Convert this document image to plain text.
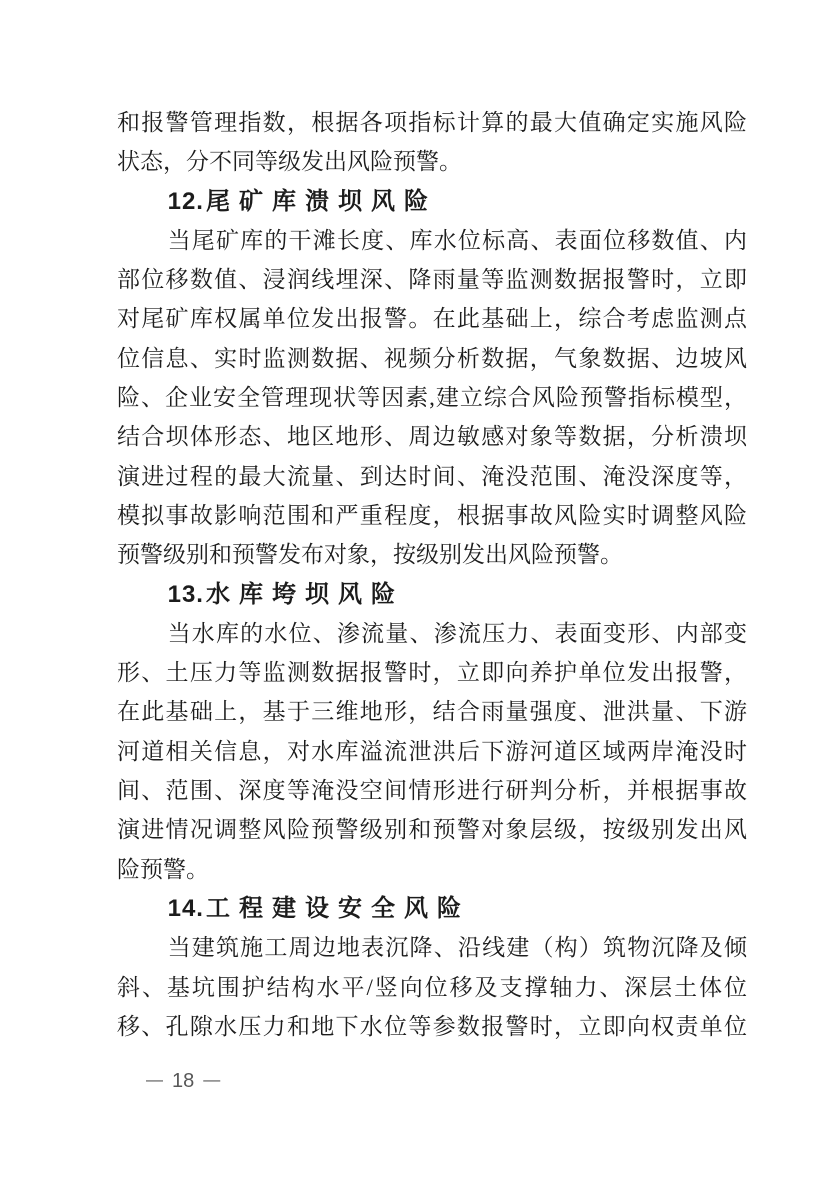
和报警管理指数，根据各项指标计算的最大值确定实施风险
状态，分不同等级发出风险预警。
12.尾矿库溃坝风险
当尾矿库的干滩长度、库水位标高、表面位移数值、内
部位移数值、浸润线埋深、降雨量等监测数据报警时，立即
对尾矿库权属单位发出报警。在此基础上，综合考虑监测点
位信息、实时监测数据、视频分析数据，气象数据、边坡风
险、企业安全管理现状等因素,建立综合风险预警指标模型，
结合坝体形态、地区地形、周边敏感对象等数据，分析溃坝
演进过程的最大流量、到达时间、淹没范围、淹没深度等，
模拟事故影响范围和严重程度，根据事故风险实时调整风险
预警级别和预警发布对象，按级别发出风险预警。
13.水库垮坝风险
当水库的水位、渗流量、渗流压力、表面变形、内部变
形、土压力等监测数据报警时，立即向养护单位发出报警，
在此基础上，基于三维地形，结合雨量强度、泄洪量、下游
河道相关信息，对水库溢流泄洪后下游河道区域两岸淹没时
间、范围、深度等淹没空间情形进行研判分析，并根据事故
演进情况调整风险预警级别和预警对象层级，按级别发出风
险预警。
14.工程建设安全风险
当建筑施工周边地表沉降、沿线建（构）筑物沉降及倾
斜、基坑围护结构水平/竖向位移及支撑轴力、深层土体位
移、孔隙水压力和地下水位等参数报警时，立即向权责单位
— 18 —
